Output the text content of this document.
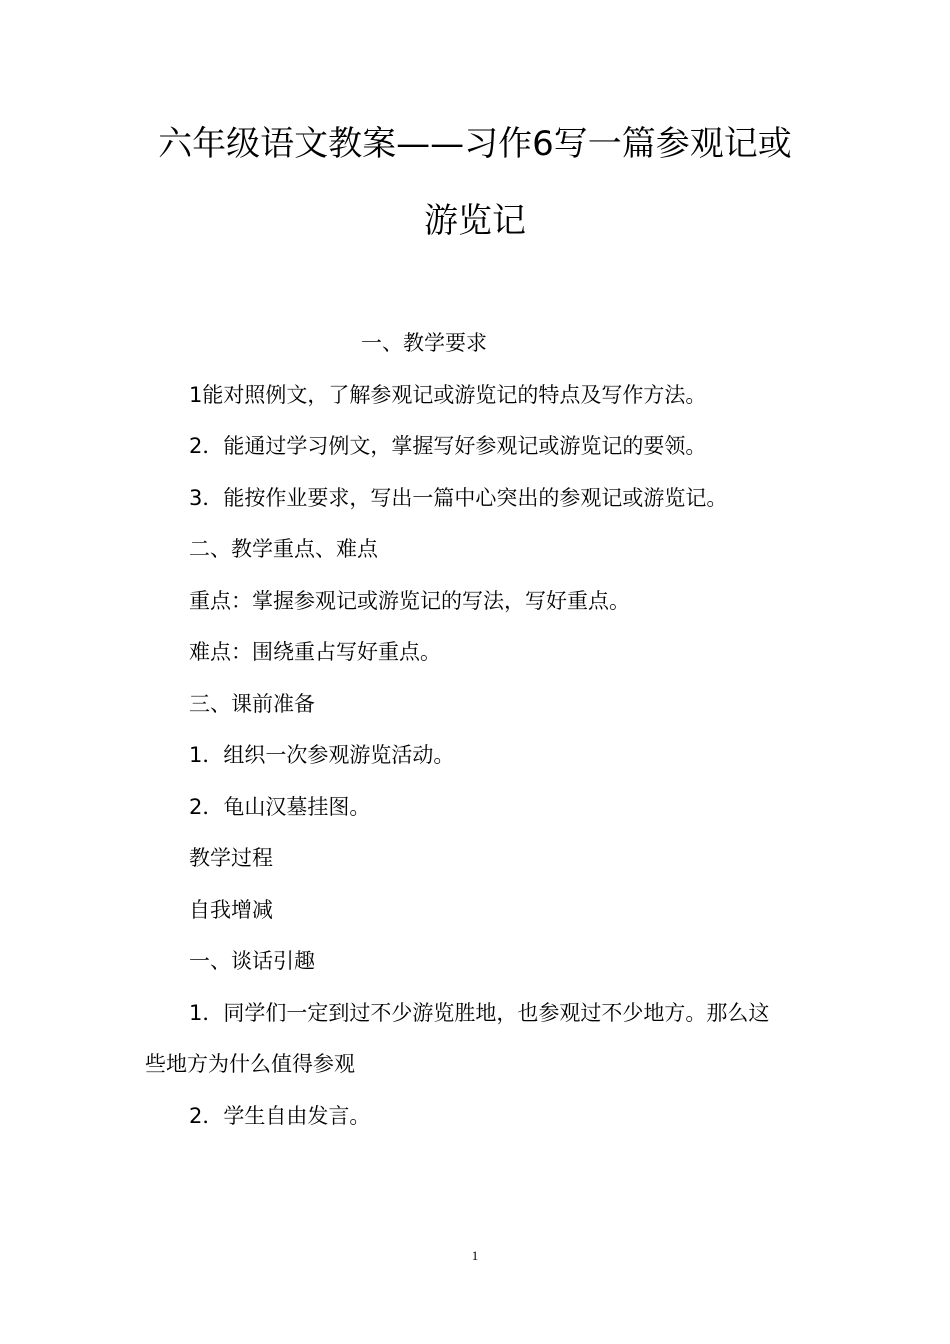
六年级语文教案——习作6写一篇参观记或
游览记

一、教学要求

1能对照例文，了解参观记或游览记的特点及写作方法。

2．能通过学习例文，掌握写好参观记或游览记的要领。

3．能按作业要求，写出一篇中心突出的参观记或游览记。

二、教学重点、难点

重点：掌握参观记或游览记的写法，写好重点。

难点：围绕重占写好重点。

三、课前准备

1．组织一次参观游览活动。

2．龟山汉墓挂图。

教学过程

自我增减

一、谈话引趣

1．同学们一定到过不少游览胜地，也参观过不少地方。那么这

些地方为什么值得参观

2．学生自由发言。

1
